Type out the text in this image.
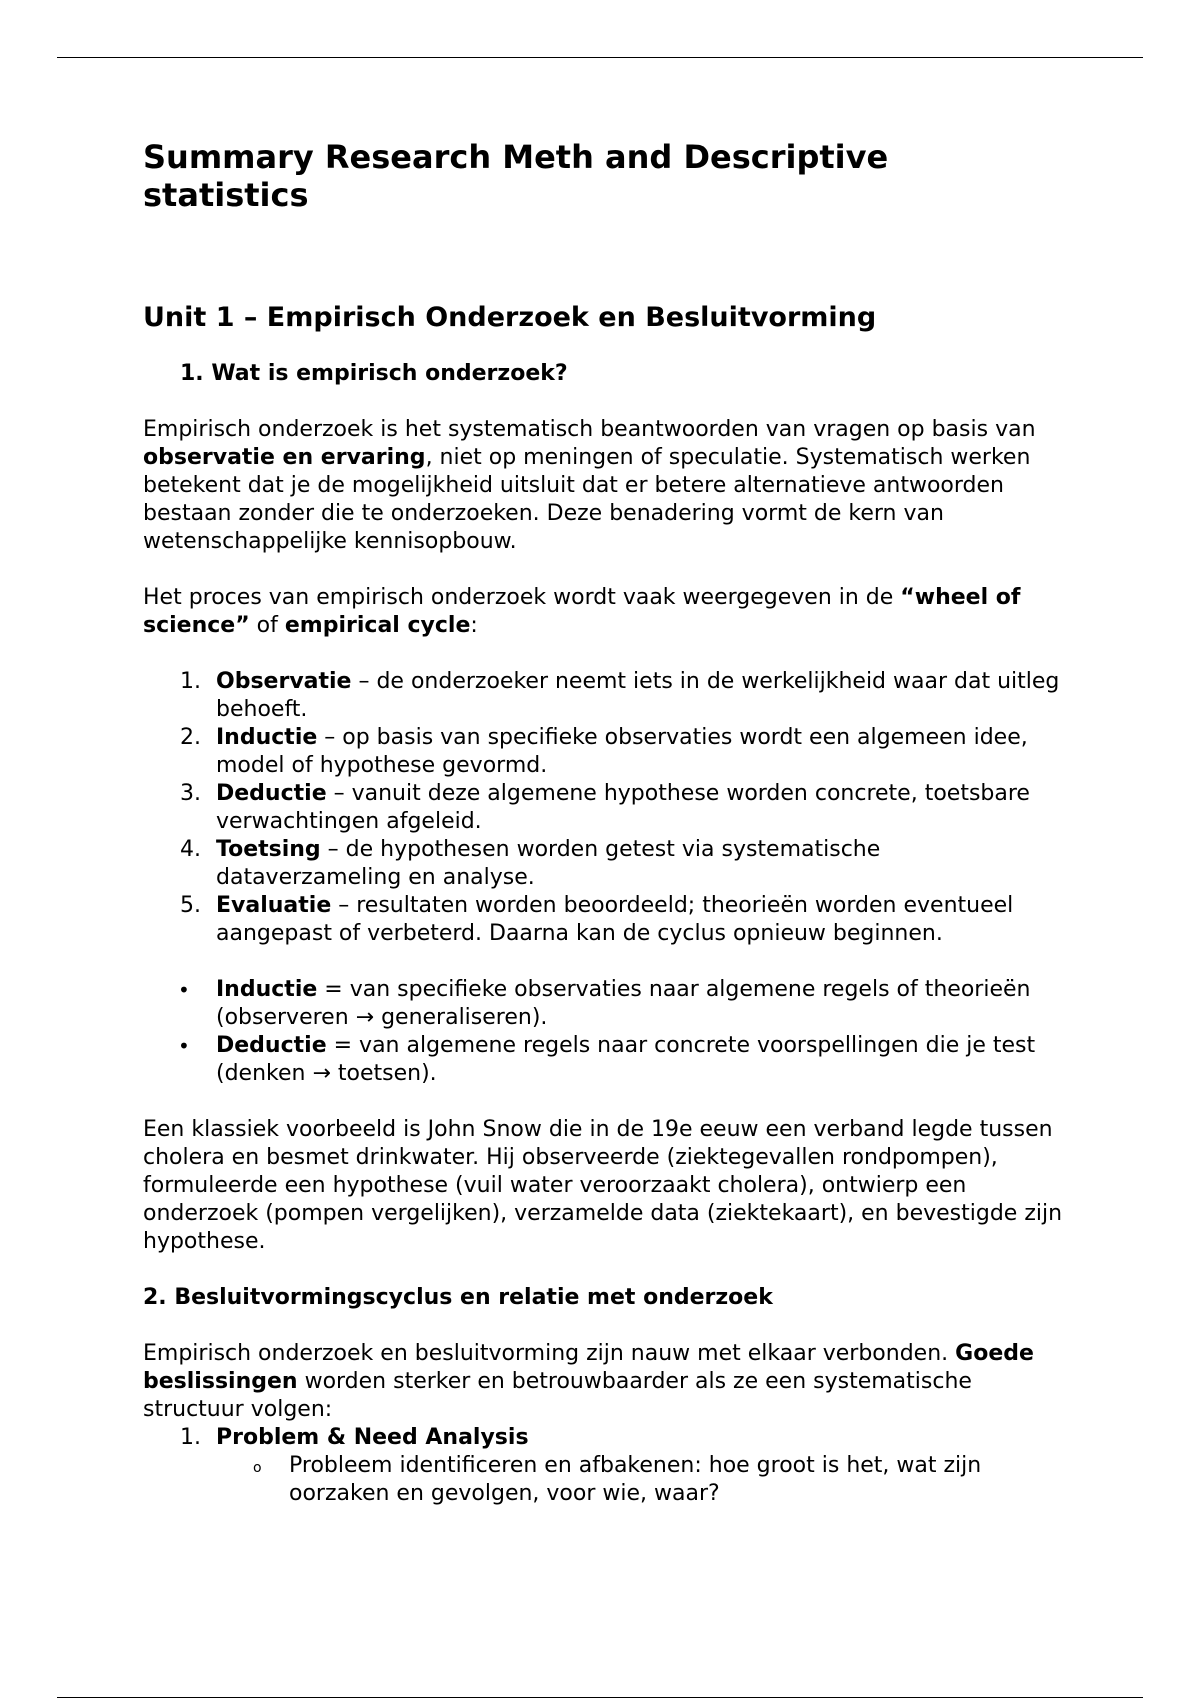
Summary Research Meth and Descriptive statistics
Unit 1 – Empirisch Onderzoek en Besluitvorming
1. Wat is empirisch onderzoek?

Empirisch onderzoek is het systematisch beantwoorden van vragen op basis van observatie en ervaring, niet op meningen of speculatie. Systematisch werken betekent dat je de mogelijkheid uitsluit dat er betere alternatieve antwoorden bestaan zonder die te onderzoeken. Deze benadering vormt de kern van wetenschappelijke kennisopbouw.

Het proces van empirisch onderzoek wordt vaak weergegeven in de “wheel of science” of empirical cycle:

1. Observatie – de onderzoeker neemt iets in de werkelijkheid waar dat uitleg behoeft.
2. Inductie – op basis van specifieke observaties wordt een algemeen idee, model of hypothese gevormd.
3. Deductie – vanuit deze algemene hypothese worden concrete, toetsbare verwachtingen afgeleid.
4. Toetsing – de hypothesen worden getest via systematische dataverzameling en analyse.
5. Evaluatie – resultaten worden beoordeeld; theorieën worden eventueel aangepast of verbeterd. Daarna kan de cyclus opnieuw beginnen.
• Inductie = van specifieke observaties naar algemene regels of theorieën (observeren → generaliseren).
• Deductie = van algemene regels naar concrete voorspellingen die je test (denken → toetsen).

Een klassiek voorbeeld is John Snow die in de 19e eeuw een verband legde tussen cholera en besmet drinkwater. Hij observeerde (ziektegevallen rondpompen), formuleerde een hypothese (vuil water veroorzaakt cholera), ontwierp een onderzoek (pompen vergelijken), verzamelde data (ziektekaart), en bevestigde zijn hypothese.

2. Besluitvormingscyclus en relatie met onderzoek

Empirisch onderzoek en besluitvorming zijn nauw met elkaar verbonden. Goede beslissingen worden sterker en betrouwbaarder als ze een systematische structuur volgen:

1. Problem & Need Analysis
o Probleem identificeren en afbakenen: hoe groot is het, wat zijn oorzaken en gevolgen, voor wie, waar?
